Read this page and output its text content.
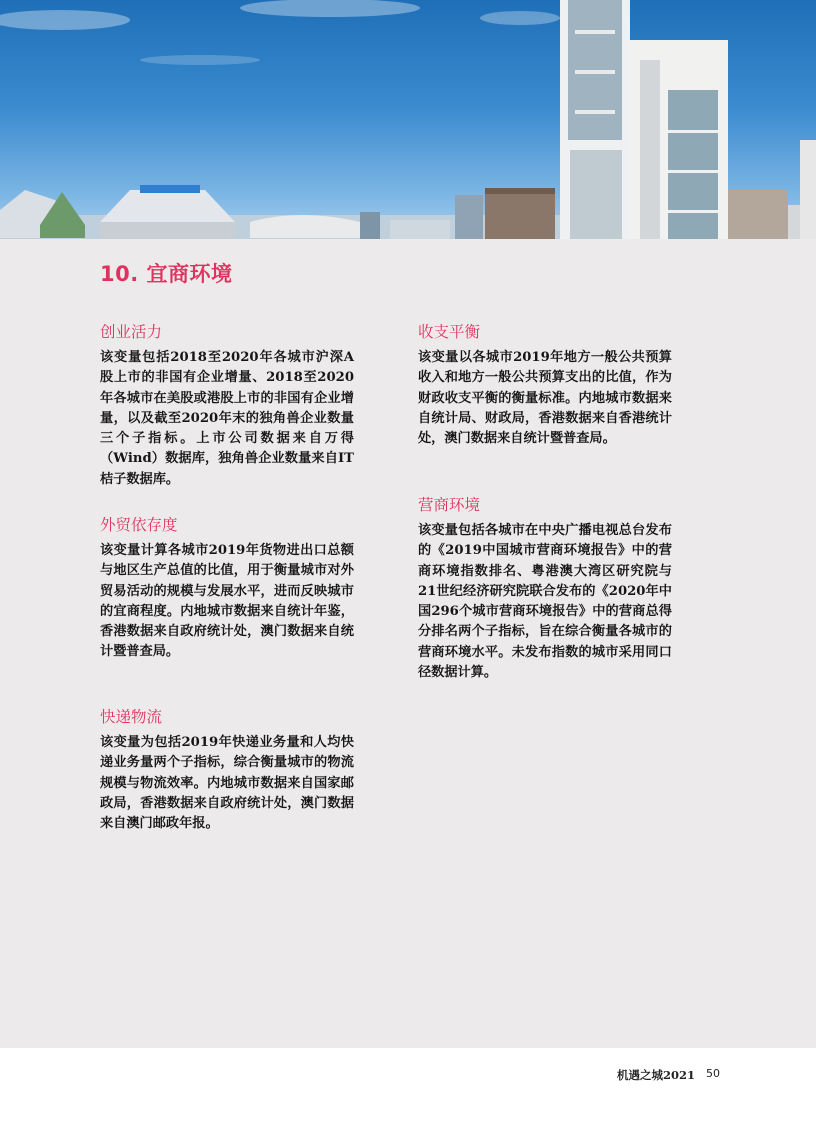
10. 宜商环境
创业活力

该变量包括2018至2020年各城市沪深A股上市的非国有企业增量、2018至2020年各城市在美股或港股上市的非国有企业增量，以及截至2020年末的独角兽企业数量三个子指标。上市公司数据来自万得（Wind）数据库，独角兽企业数量来自IT桔子数据库。

外贸依存度

该变量计算各城市2019年货物进出口总额与地区生产总值的比值，用于衡量城市对外贸易活动的规模与发展水平，进而反映城市的宜商程度。内地城市数据来自统计年鉴，香港数据来自政府统计处，澳门数据来自统计暨普查局。

快递物流

该变量为包括2019年快递业务量和人均快递业务量两个子指标，综合衡量城市的物流规模与物流效率。内地城市数据来自国家邮政局，香港数据来自政府统计处，澳门数据来自澳门邮政年报。

收支平衡

该变量以各城市2019年地方一般公共预算收入和地方一般公共预算支出的比值，作为财政收支平衡的衡量标准。内地城市数据来自统计局、财政局，香港数据来自香港统计处，澳门数据来自统计暨普查局。

营商环境

该变量包括各城市在中央广播电视总台发布的《2019中国城市营商环境报告》中的营商环境指数排名、粤港澳大湾区研究院与21世纪经济研究院联合发布的《2020年中国296个城市营商环境报告》中的营商总得分排名两个子指标，旨在综合衡量各城市的营商环境水平。未发布指数的城市采用同口径数据计算。

机遇之城2021 50
